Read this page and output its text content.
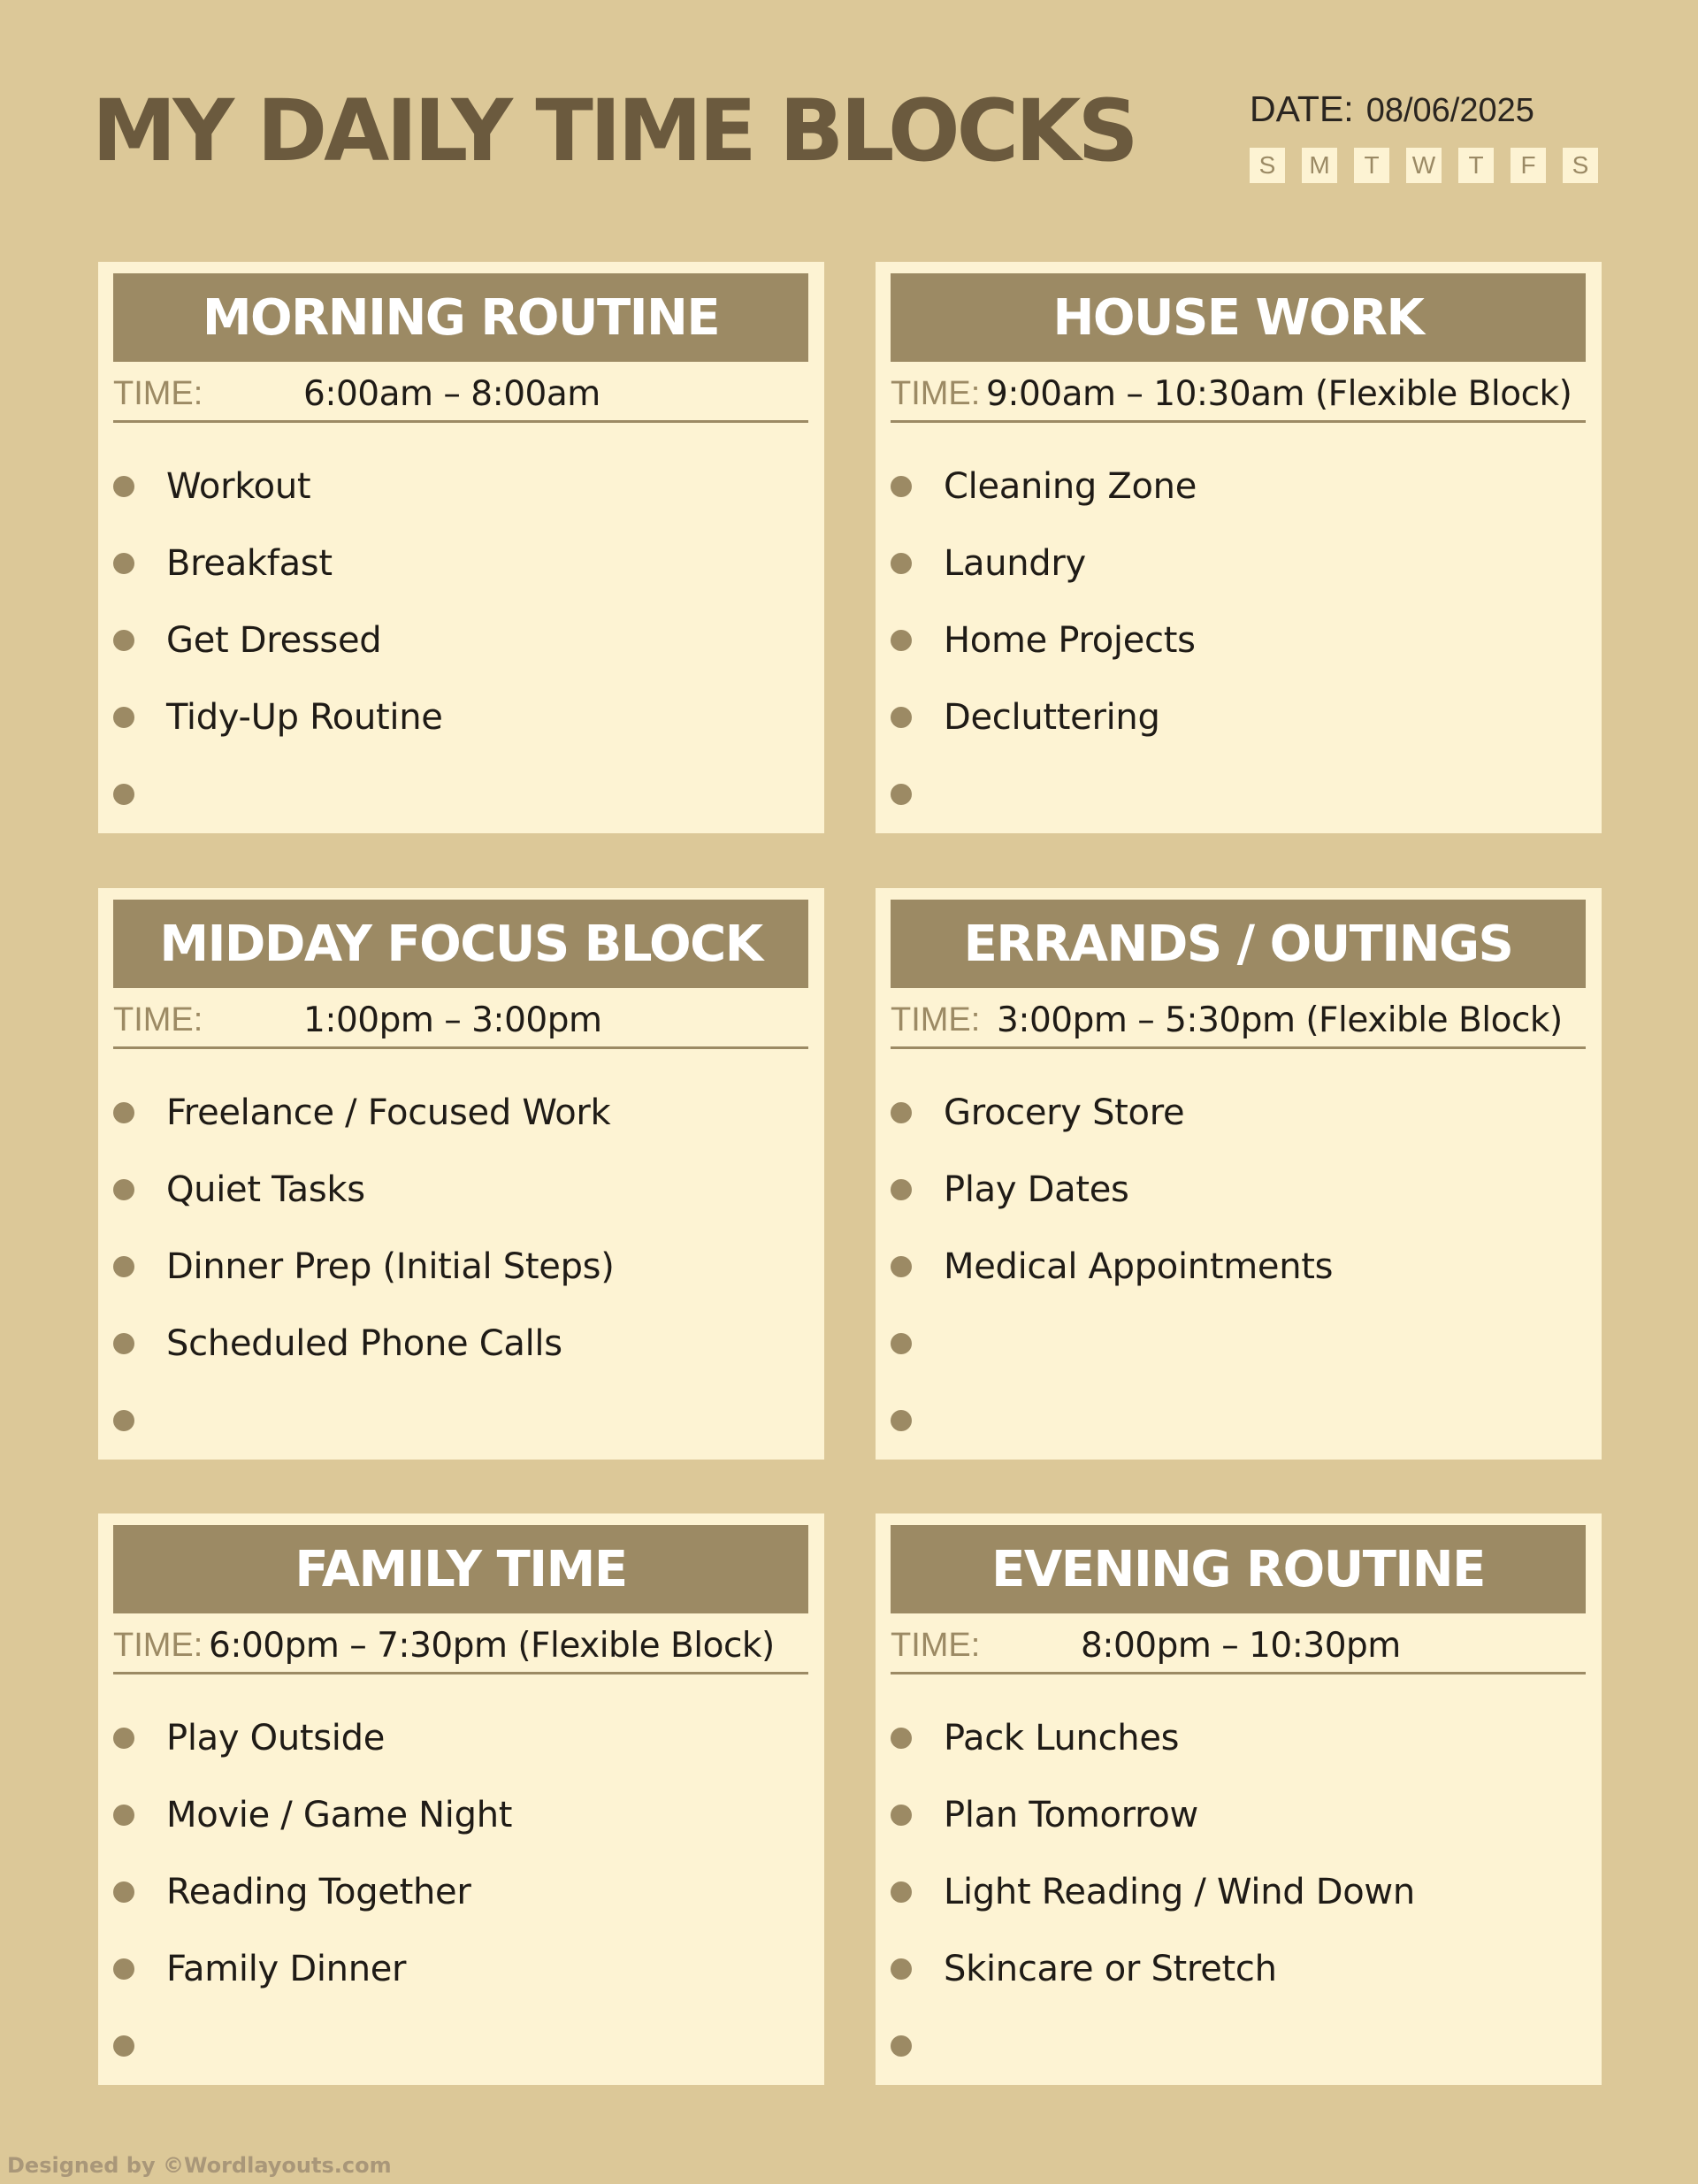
MY DAILY TIME BLOCKS	DATE: 08/06/2025
S	M	T	W	T	F	S
MORNING ROUTINE
TIME:	6:00am – 8:00am
Workout
Breakfast
Get Dressed
Tidy-Up Routine
HOUSE WORK
TIME: 9:00am – 10:30am (Flexible Block)
Cleaning Zone
Laundry
Home Projects
Decluttering
MIDDAY FOCUS BLOCK
TIME:	1:00pm – 3:00pm
Freelance / Focused Work
Quiet Tasks
Dinner Prep (Initial Steps)
Scheduled Phone Calls
ERRANDS / OUTINGS
TIME: 3:00pm – 5:30pm (Flexible Block)
Grocery Store
Play Dates
Medical Appointments
FAMILY TIME
TIME: 6:00pm – 7:30pm (Flexible Block)
Play Outside
Movie / Game Night
Reading Together
Family Dinner
EVENING ROUTINE
TIME:	8:00pm – 10:30pm
Pack Lunches
Plan Tomorrow
Light Reading / Wind Down
Skincare or Stretch
Designed by ©Wordlayouts.com
